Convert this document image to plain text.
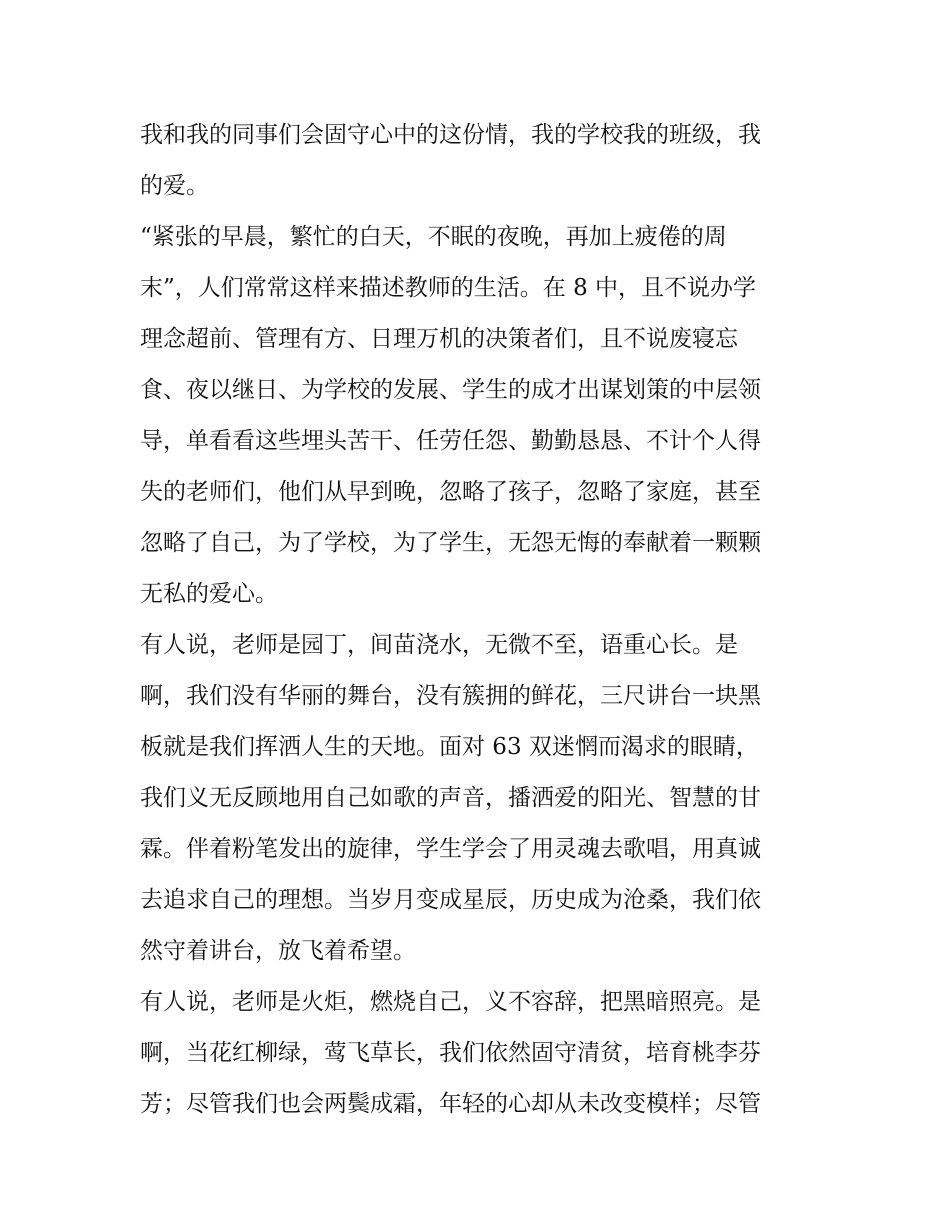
我和我的同事们会固守心中的这份情，我的学校我的班级，我
的爱。
“紧张的早晨，繁忙的白天，不眠的夜晚，再加上疲倦的周
末”，人们常常这样来描述教师的生活。在 8 中，且不说办学
理念超前、管理有方、日理万机的决策者们，且不说废寝忘
食、夜以继日、为学校的发展、学生的成才出谋划策的中层领
导，单看看这些埋头苦干、任劳任怨、勤勤恳恳、不计个人得
失的老师们，他们从早到晚，忽略了孩子，忽略了家庭，甚至
忽略了自己，为了学校，为了学生，无怨无悔的奉献着一颗颗
无私的爱心。
有人说，老师是园丁，间苗浇水，无微不至，语重心长。是
啊，我们没有华丽的舞台，没有簇拥的鲜花，三尺讲台一块黑
板就是我们挥洒人生的天地。面对 63 双迷惘而渴求的眼睛，
我们义无反顾地用自己如歌的声音，播洒爱的阳光、智慧的甘
霖。伴着粉笔发出的旋律，学生学会了用灵魂去歌唱，用真诚
去追求自己的理想。当岁月变成星辰，历史成为沧桑，我们依
然守着讲台，放飞着希望。
有人说，老师是火炬，燃烧自己，义不容辞，把黑暗照亮。是
啊，当花红柳绿，莺飞草长，我们依然固守清贫，培育桃李芬
芳；尽管我们也会两鬓成霜，年轻的心却从未改变模样；尽管
